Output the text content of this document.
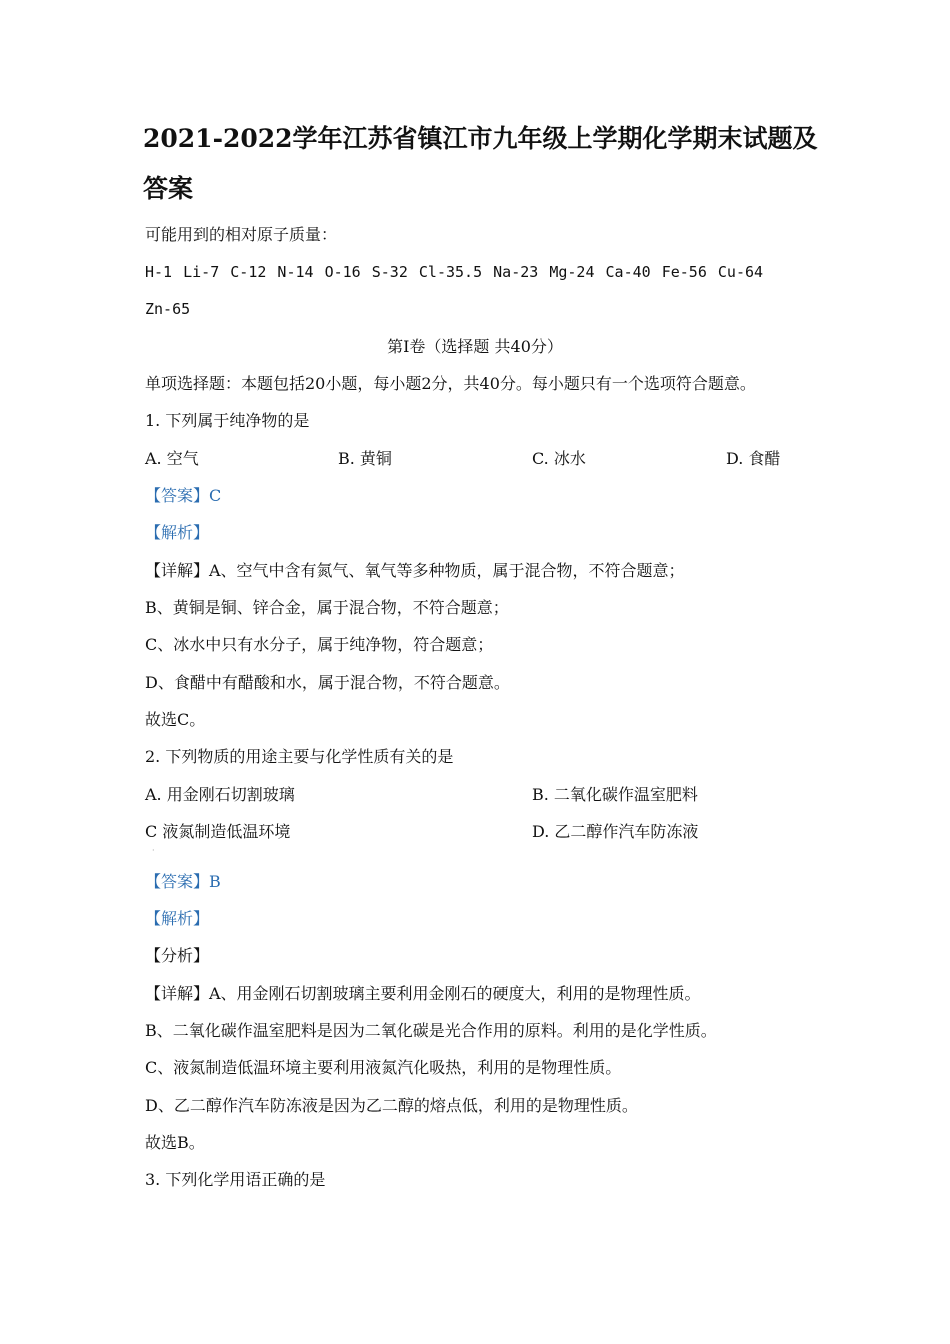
2021-2022学年江苏省镇江市九年级上学期化学期末试题及
答案
可能用到的相对原子质量：
H-1 Li-7 C-12 N-14 O-16 S-32 Cl-35.5 Na-23 Mg-24 Ca-40 Fe-56 Cu-64
Zn-65
第Ⅰ卷（选择题 共40分）
单项选择题：本题包括20小题，每小题2分，共40分。每小题只有一个选项符合题意。
1. 下列属于纯净物的是
A. 空气	B. 黄铜	C. 冰水	D. 食醋
【答案】C
【解析】
【详解】A、空气中含有氮气、氧气等多种物质，属于混合物，不符合题意；
B、黄铜是铜、锌合金，属于混合物，不符合题意；
C、冰水中只有水分子，属于纯净物，符合题意；
D、食醋中有醋酸和水，属于混合物，不符合题意。
故选C。
2. 下列物质的用途主要与化学性质有关的是
A. 用金刚石切割玻璃	B. 二氧化碳作温室肥料
C 液氮制造低温环境	D. 乙二醇作汽车防冻液
·
【答案】B
【解析】
【分析】
【详解】A、用金刚石切割玻璃主要利用金刚石的硬度大，利用的是物理性质。
B、二氧化碳作温室肥料是因为二氧化碳是光合作用的原料。利用的是化学性质。
C、液氮制造低温环境主要利用液氮汽化吸热，利用的是物理性质。
D、乙二醇作汽车防冻液是因为乙二醇的熔点低，利用的是物理性质。
故选B。
3. 下列化学用语正确的是
